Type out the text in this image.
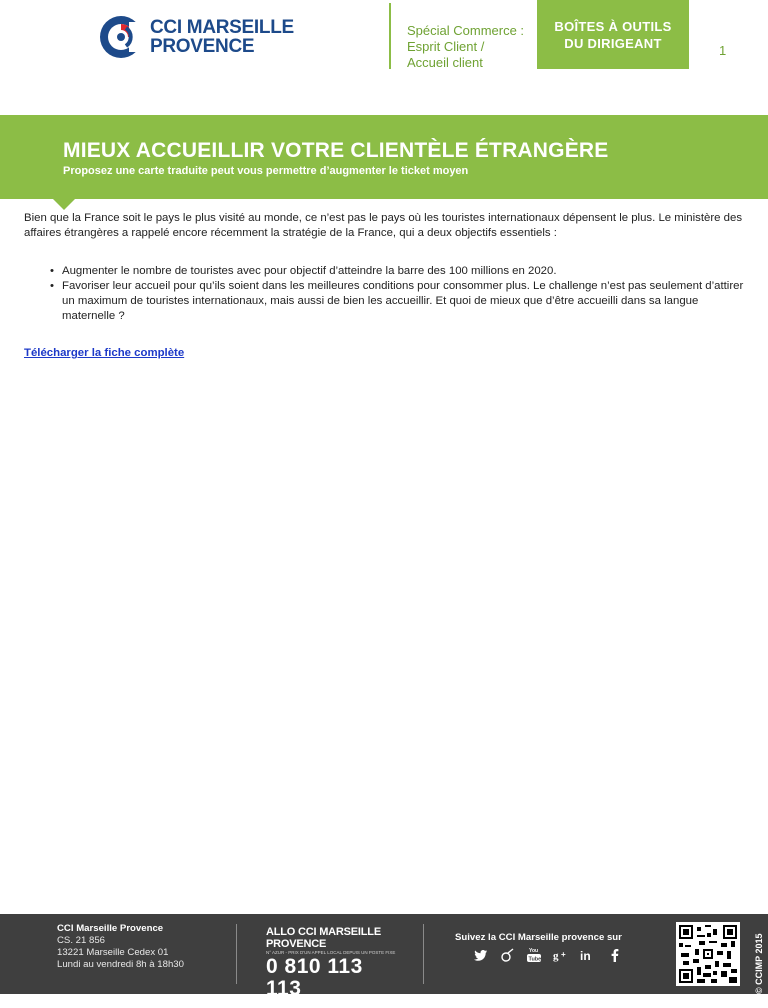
CCI MARSEILLE
PROVENCE
Spécial Commerce :
Esprit Client /
Accueil client
BOÎTES À OUTILS
DU DIRIGEANT	1
MIEUX ACCUEILLIR VOTRE CLIENTÈLE ÉTRANGÈRE
Proposez une carte traduite peut vous permettre d’augmenter le ticket moyen

Bien que la France soit le pays le plus visité au monde, ce n’est pas le pays où les touristes internationaux dépensent le plus. Le ministère des affaires étrangères a rappelé encore récemment la stratégie de la France, qui a deux objectifs essentiels :

• Augmenter le nombre de touristes avec pour objectif d’atteindre la barre des 100 millions en 2020.
• Favoriser leur accueil pour qu’ils soient dans les meilleures conditions pour consommer plus. Le challenge n’est pas seulement d’attirer un maximum de touristes internationaux, mais aussi de bien les accueillir. Et quoi de mieux que d’être accueilli dans sa langue maternelle ?
Télécharger la fiche complète
CCI Marseille Provence
CS. 21 856
13221 Marseille Cedex 01
Lundi au vendredi 8h à 18h30
ALLO CCI MARSEILLE PROVENCE
N° AZUR - PRIX D'UN APPEL LOCAL DEPUIS UN POSTE FIXE
0 810 113 113
WWW.CCIMP.COM
Suivez la CCI Marseille provence sur
You
Tube g + in	© CCIMP 2015
